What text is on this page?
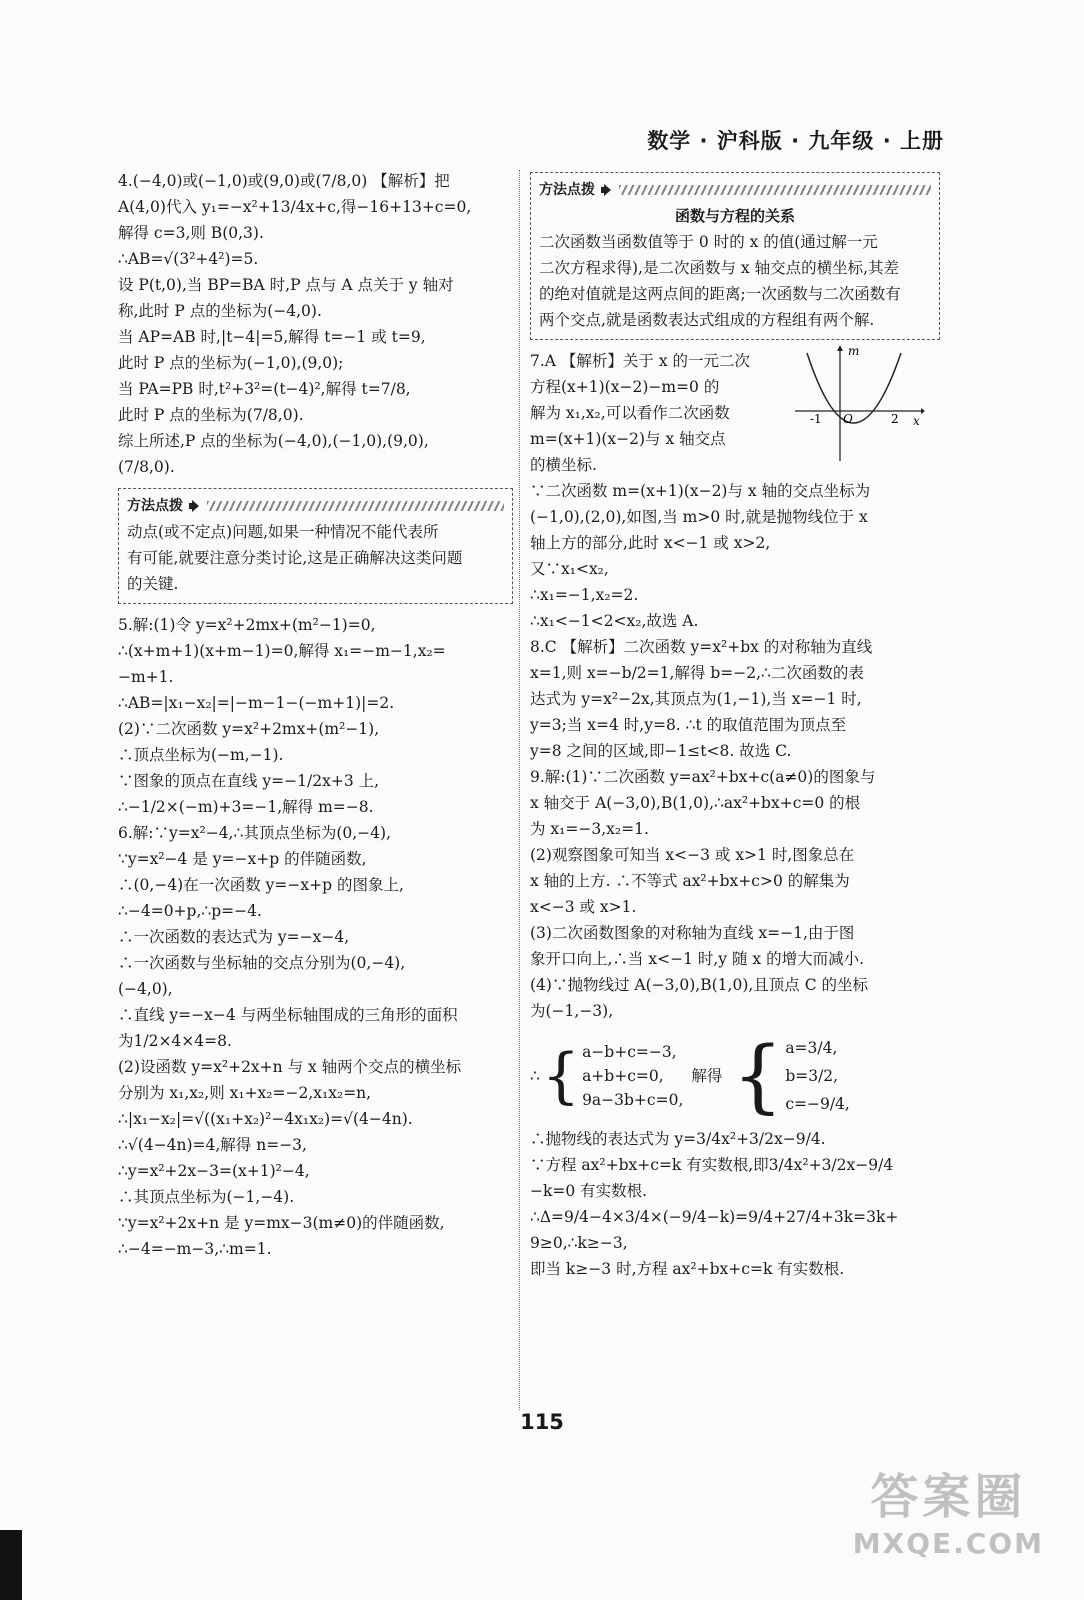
数学 · 沪科版 · 九年级 · 上册
4.(−4,0)或(−1,0)或(9,0)或(7/8,0) 【解析】把
A(4,0)代入 y₁=−x²+13/4x+c,得−16+13+c=0,
解得 c=3,则 B(0,3).
∴AB=√(3²+4²)=5.
设 P(t,0),当 BP=BA 时,P 点与 A 点关于 y 轴对
称,此时 P 点的坐标为(−4,0).
当 AP=AB 时,|t−4|=5,解得 t=−1 或 t=9,
此时 P 点的坐标为(−1,0),(9,0);
当 PA=PB 时,t²+3²=(t−4)²,解得 t=7/8,
此时 P 点的坐标为(7/8,0).
综上所述,P 点的坐标为(−4,0),(−1,0),(9,0),
(7/8,0).
方法点拨
动点(或不定点)问题,如果一种情况不能代表所
有可能,就要注意分类讨论,这是正确解决这类问题
的关键.
5.解:(1)令 y=x²+2mx+(m²−1)=0,
∴(x+m+1)(x+m−1)=0,解得 x₁=−m−1,x₂=
−m+1.
∴AB=|x₁−x₂|=|−m−1−(−m+1)|=2.
(2)∵二次函数 y=x²+2mx+(m²−1),
∴顶点坐标为(−m,−1).
∵图象的顶点在直线 y=−1/2x+3 上,
∴−1/2×(−m)+3=−1,解得 m=−8.
6.解:∵y=x²−4,∴其顶点坐标为(0,−4),
∵y=x²−4 是 y=−x+p 的伴随函数,
∴(0,−4)在一次函数 y=−x+p 的图象上,
∴−4=0+p,∴p=−4.
∴一次函数的表达式为 y=−x−4,
∴一次函数与坐标轴的交点分别为(0,−4),
(−4,0),
∴直线 y=−x−4 与两坐标轴围成的三角形的面积
为1/2×4×4=8.
(2)设函数 y=x²+2x+n 与 x 轴两个交点的横坐标
分别为 x₁,x₂,则 x₁+x₂=−2,x₁x₂=n,
∴|x₁−x₂|=√((x₁+x₂)²−4x₁x₂)=√(4−4n).
∴√(4−4n)=4,解得 n=−3,
∴y=x²+2x−3=(x+1)²−4,
∴其顶点坐标为(−1,−4).
∵y=x²+2x+n 是 y=mx−3(m≠0)的伴随函数,
∴−4=−m−3,∴m=1.
方法点拨
函数与方程的关系
二次函数当函数值等于 0 时的 x 的值(通过解一元
二次方程求得),是二次函数与 x 轴交点的横坐标,其差
的绝对值就是这两点间的距离;一次函数与二次函数有
两个交点,就是函数表达式组成的方程组有两个解.
7.A 【解析】关于 x 的一元二次
方程(x+1)(x−2)−m=0 的
解为 x₁,x₂,可以看作二次函数
m=(x+1)(x−2)与 x 轴交点
的横坐标.
∵二次函数 m=(x+1)(x−2)与 x 轴的交点坐标为
(−1,0),(2,0),如图,当 m>0 时,就是抛物线位于 x
轴上方的部分,此时 x<−1 或 x>2,
又∵x₁<x₂,
∴x₁=−1,x₂=2.
∴x₁<−1<2<x₂,故选 A.
8.C 【解析】二次函数 y=x²+bx 的对称轴为直线
x=1,则 x=−b/2=1,解得 b=−2,∴二次函数的表
达式为 y=x²−2x,其顶点为(1,−1),当 x=−1 时,
y=3;当 x=4 时,y=8. ∴t 的取值范围为顶点至
y=8 之间的区域,即−1≤t<8. 故选 C.
9.解:(1)∵二次函数 y=ax²+bx+c(a≠0)的图象与
x 轴交于 A(−3,0),B(1,0),∴ax²+bx+c=0 的根
为 x₁=−3,x₂=1.
(2)观察图象可知当 x<−3 或 x>1 时,图象总在
x 轴的上方. ∴不等式 ax²+bx+c>0 的解集为
x<−3 或 x>1.
(3)二次函数图象的对称轴为直线 x=−1,由于图
象开口向上,∴当 x<−1 时,y 随 x 的增大而减小.
(4)∵抛物线过 A(−3,0),B(1,0),且顶点 C 的坐标
为(−1,−3),
∴ { a−b+c=−3,
a+b+c=0,
9a−3b+c=0,
解得 { a=3/4,
b=3/2,
c=−9/4,
∴抛物线的表达式为 y=3/4x²+3/2x−9/4.
∵方程 ax²+bx+c=k 有实数根,即3/4x²+3/2x−9/4
−k=0 有实数根.
∴Δ=9/4−4×3/4×(−9/4−k)=9/4+27/4+3k=3k+
9≥0,∴k≥−3,
即当 k≥−3 时,方程 ax²+bx+c=k 有实数根.
m
x
O
-1	2
115
答案圈
MXQE.COM
